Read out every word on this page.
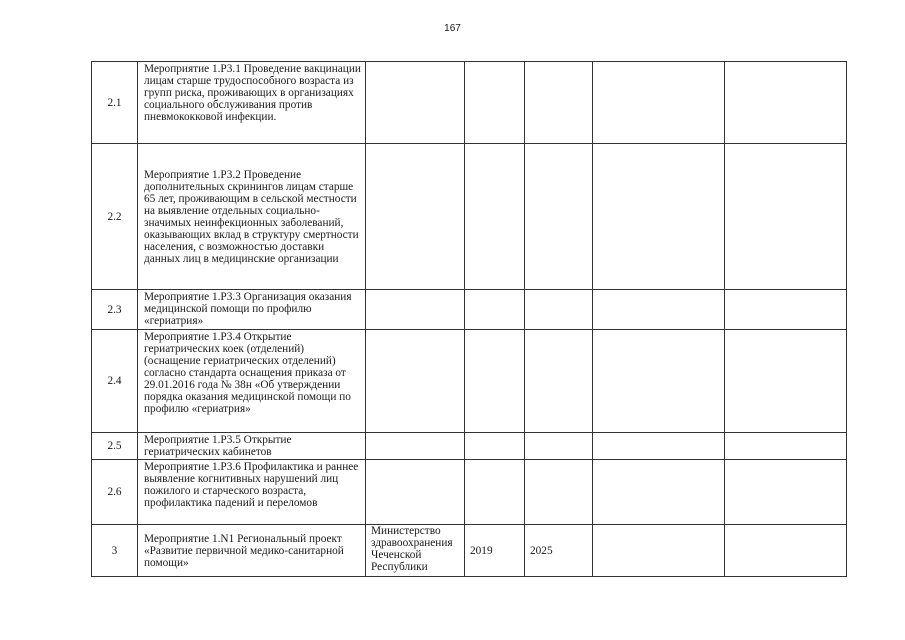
167
2.1	Мероприятие 1.Р3.1 Проведение вакцинации лицам старше трудоспособного возраста из групп риска, проживающих в организациях социального обслуживания против пневмококковой инфекции.					
2.2	Мероприятие 1.Р3.2 Проведение дополнительных скринингов лицам старше 65 лет, проживающим в сельской местности на выявление отдельных социально-значимых неинфекционных заболеваний, оказывающих вклад в структуру смертности населения, с возможностью доставки данных лиц в медицинские организации					
2.3	Мероприятие 1.Р3.3 Организация оказания медицинской помощи по профилю «гериатрия»					
2.4	Мероприятие 1.Р3.4 Открытие гериатрических коек (отделений) (оснащение гериатрических отделений) согласно стандарта оснащения приказа от 29.01.2016 года № 38н «Об утверждении порядка оказания медицинской помощи по профилю «гериатрия»					
2.5	Мероприятие 1.Р3.5 Открытие гериатрических кабинетов					
2.6	Мероприятие 1.Р3.6 Профилактика и раннее выявление когнитивных нарушений лиц пожилого и старческого возраста, профилактика падений и переломов					
3	Мероприятие 1.N1 Региональный проект «Развитие первичной медико-санитарной помощи»	Министерство здравоохранения Чеченской Республики	2019	2025		
